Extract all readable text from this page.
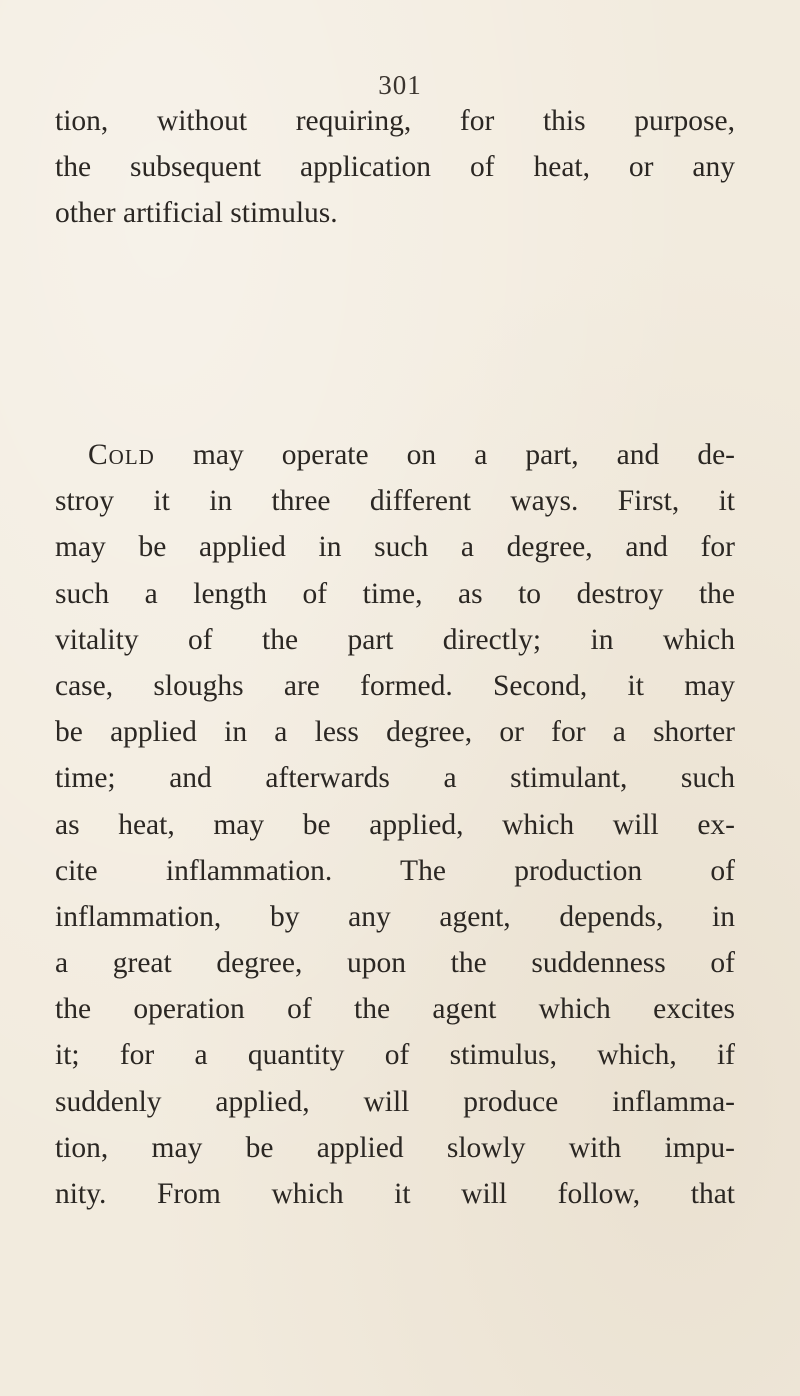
301
tion, without requiring, for this purpose,
the subsequent application of heat, or any
other artificial stimulus.
Cold may operate on a part, and de-
stroy it in three different ways. First, it
may be applied in such a degree, and for
such a length of time, as to destroy the
vitality of the part directly; in which
case, sloughs are formed. Second, it may
be applied in a less degree, or for a shorter
time; and afterwards a stimulant, such
as heat, may be applied, which will ex-
cite inflammation. The production of
inflammation, by any agent, depends, in
a great degree, upon the suddenness of
the operation of the agent which excites
it; for a quantity of stimulus, which, if
suddenly applied, will produce inflamma-
tion, may be applied slowly with impu-
nity. From which it will follow, that
